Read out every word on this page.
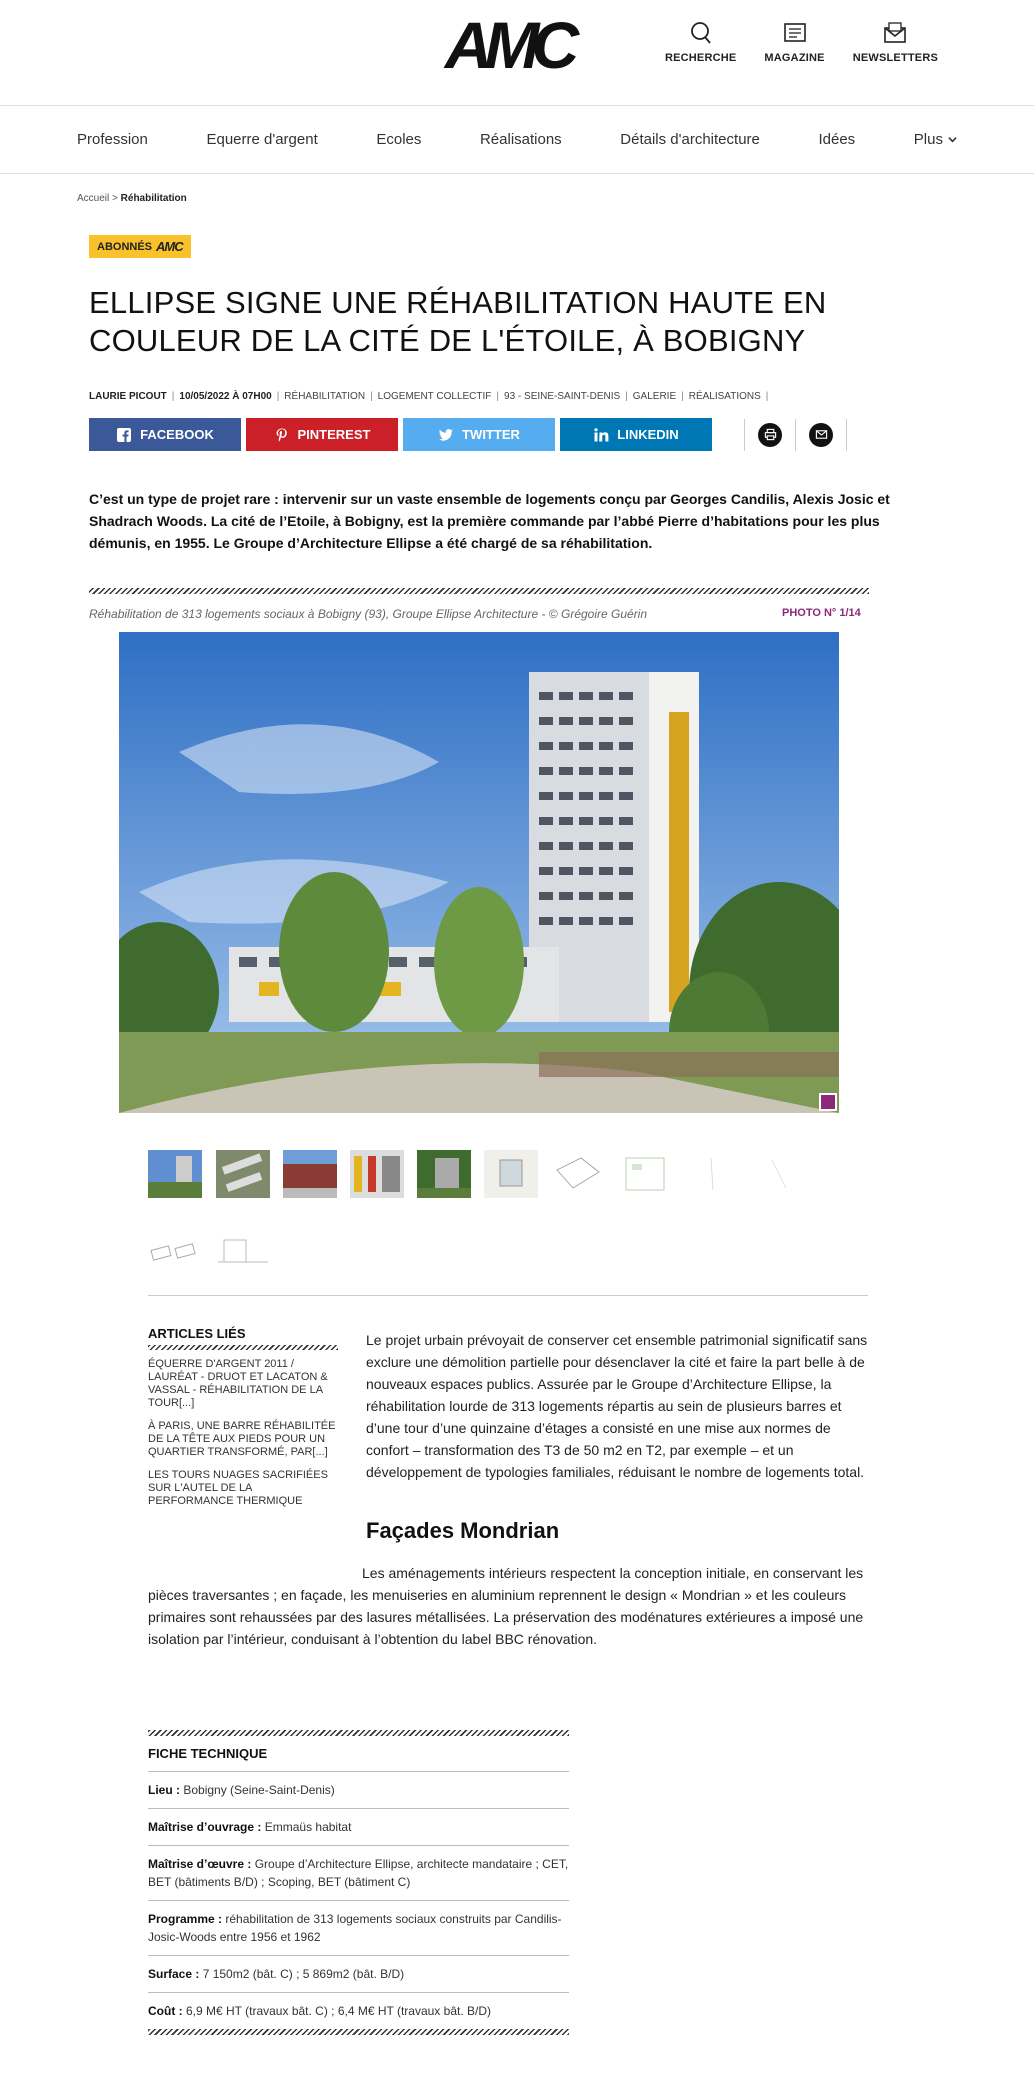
AMC	RECHERCHE	MAGAZINE	NEWSLETTERS
Profession	Equerre d'argent	Ecoles	Réalisations	Détails d'architecture	Idées	Plus
Accueil > Réhabilitation
ABONNÉS AMC
ELLIPSE SIGNE UNE RÉHABILITATION HAUTE EN COULEUR DE LA CITÉ DE L'ÉTOILE, À BOBIGNY
LAURIE PICOUT | 10/05/2022 À 07H00 | RÉHABILITATION | LOGEMENT COLLECTIF | 93 - SEINE-SAINT-DENIS | GALERIE | RÉALISATIONS |
FACEBOOK	PINTEREST	TWITTER	LINKEDIN

C’est un type de projet rare : intervenir sur un vaste ensemble de logements conçu par Georges Candilis, Alexis Josic et Shadrach Woods. La cité de l’Etoile, à Bobigny, est la première commande par l’abbé Pierre d’habitations pour les plus démunis, en 1955. Le Groupe d’Architecture Ellipse a été chargé de sa réhabilitation.

Réhabilitation de 313 logements sociaux à Bobigny (93), Groupe Ellipse Architecture - © Grégoire Guérin	PHOTO N° 1/14
ARTICLES LIÉS
ÉQUERRE D'ARGENT 2011 / LAURÉAT - DRUOT ET LACATON & VASSAL - RÉHABILITATION DE LA TOUR[...]
À PARIS, UNE BARRE RÉHABILITÉE DE LA TÊTE AUX PIEDS POUR UN QUARTIER TRANSFORMÉ, PAR[...]
LES TOURS NUAGES SACRIFIÉES SUR L'AUTEL DE LA PERFORMANCE THERMIQUE

Le projet urbain prévoyait de conserver cet ensemble patrimonial significatif sans exclure une démolition partielle pour désenclaver la cité et faire la part belle à de nouveaux espaces publics. Assurée par le Groupe d’Architecture Ellipse, la réhabilitation lourde de 313 logements répartis au sein de plusieurs barres et d’une tour d’une quinzaine d’étages a consisté en une mise aux normes de confort – transformation des T3 de 50 m2 en T2, par exemple – et un développement de typologies familiales, réduisant le nombre de logements total.

Façades Mondrian

Les aménagements intérieurs respectent la conception initiale, en conservant les pièces traversantes ; en façade, les menuiseries en aluminium reprennent le design « Mondrian » et les couleurs primaires sont rehaussées par des lasures métallisées. La préservation des modénatures extérieures a imposé une isolation par l’intérieur, conduisant à l’obtention du label BBC rénovation.

FICHE TECHNIQUE
Lieu : Bobigny (Seine-Saint-Denis)
Maîtrise d’ouvrage : Emmaüs habitat
Maîtrise d’œuvre : Groupe d’Architecture Ellipse, architecte mandataire ; CET, BET (bâtiments B/D) ; Scoping, BET (bâtiment C)
Programme : réhabilitation de 313 logements sociaux construits par Candilis-Josic-Woods entre 1956 et 1962
Surface : 7 150m2 (bât. C) ; 5 869m2 (bât. B/D)
Coût : 6,9 M€ HT (travaux bât. C) ; 6,4 M€ HT (travaux bât. B/D)
